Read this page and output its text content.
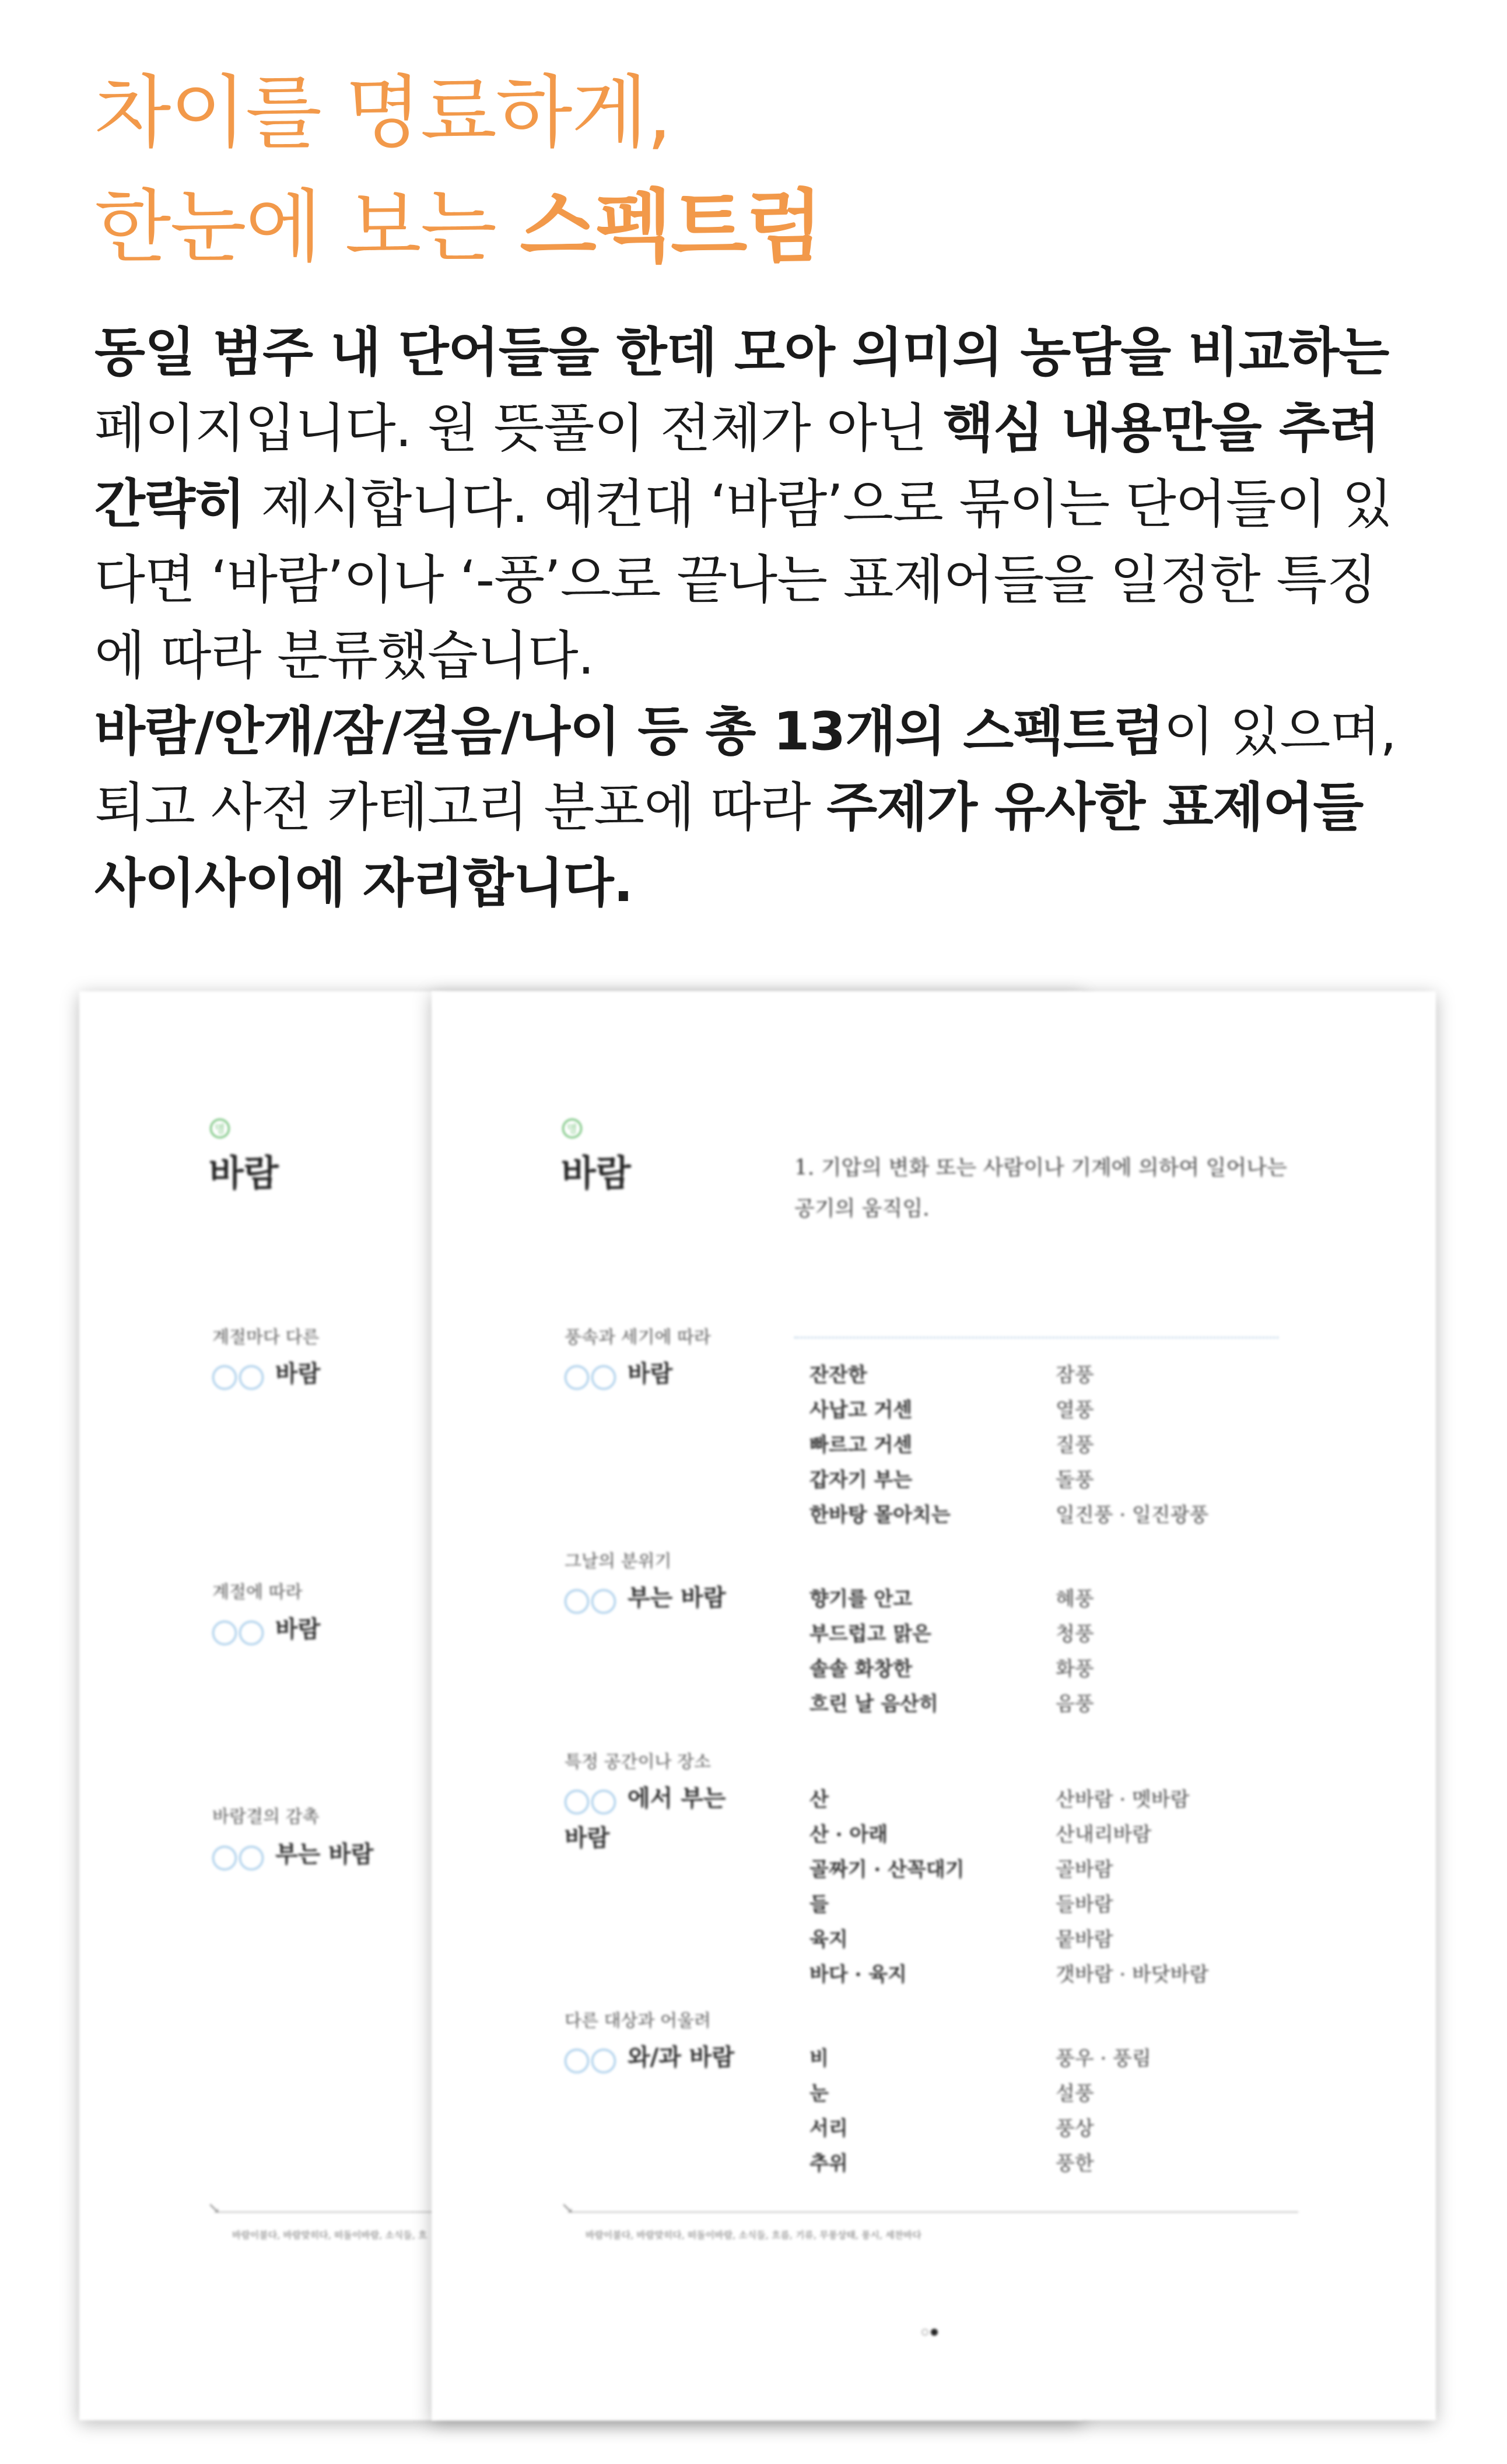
차이를 명료하게,
한눈에 보는 스펙트럼
동일 범주 내 단어들을 한데 모아 의미의 농담을 비교하는 페이지입니다. 원 뜻풀이 전체가 아닌 핵심 내용만을 추려 간략히 제시합니다. 예컨대 ‘바람’으로 묶이는 단어들이 있다면 ‘바람’이나 ‘-풍’으로 끝나는 표제어들을 일정한 특징에 따라 분류했습니다.
바람/안개/잠/걸음/나이 등 총 13개의 스펙트럼이 있으며, 퇴고 사전 카테고리 분포에 따라 주제가 유사한 표제어들 사이사이에 자리합니다.
명
바람
계절마다 다른
바람
계절에 따라
바람
바람결의 감촉
부는 바람
↘
바람이불다, 바람맞히다, 떠돌이바람, 소식들, 흐
명
바람	1. 기압의 변화 또는 사람이나 기계에 의하여 일어나는 공기의 움직임.
풍속과 세기에 따라
바람	잔잔한	잠풍
사납고 거센	열풍
빠르고 거센	질풍
갑자기 부는	돌풍
한바탕 몰아치는	일진풍 · 일진광풍
그날의 분위기
부는 바람	향기를 안고	혜풍
부드럽고 맑은	청풍
솔솔 화창한	화풍
흐린 날 음산히	음풍
특정 공간이나 장소
에서 부는
바람
산	산바람 · 멧바람
산 · 아래	산내리바람
골짜기 · 산꼭대기	골바람
들	들바람
육지	뭍바람
바다 · 육지	갯바람 · 바닷바람
다른 대상과 어울려
와/과 바람	비	풍우 · 풍림
눈	설풍
서리	풍상
추위	풍한
↘
바람이불다, 바람맞히다, 떠돌이바람, 소식들, 흐름, 기류, 무풍상태, 풍시, 세찬바다
